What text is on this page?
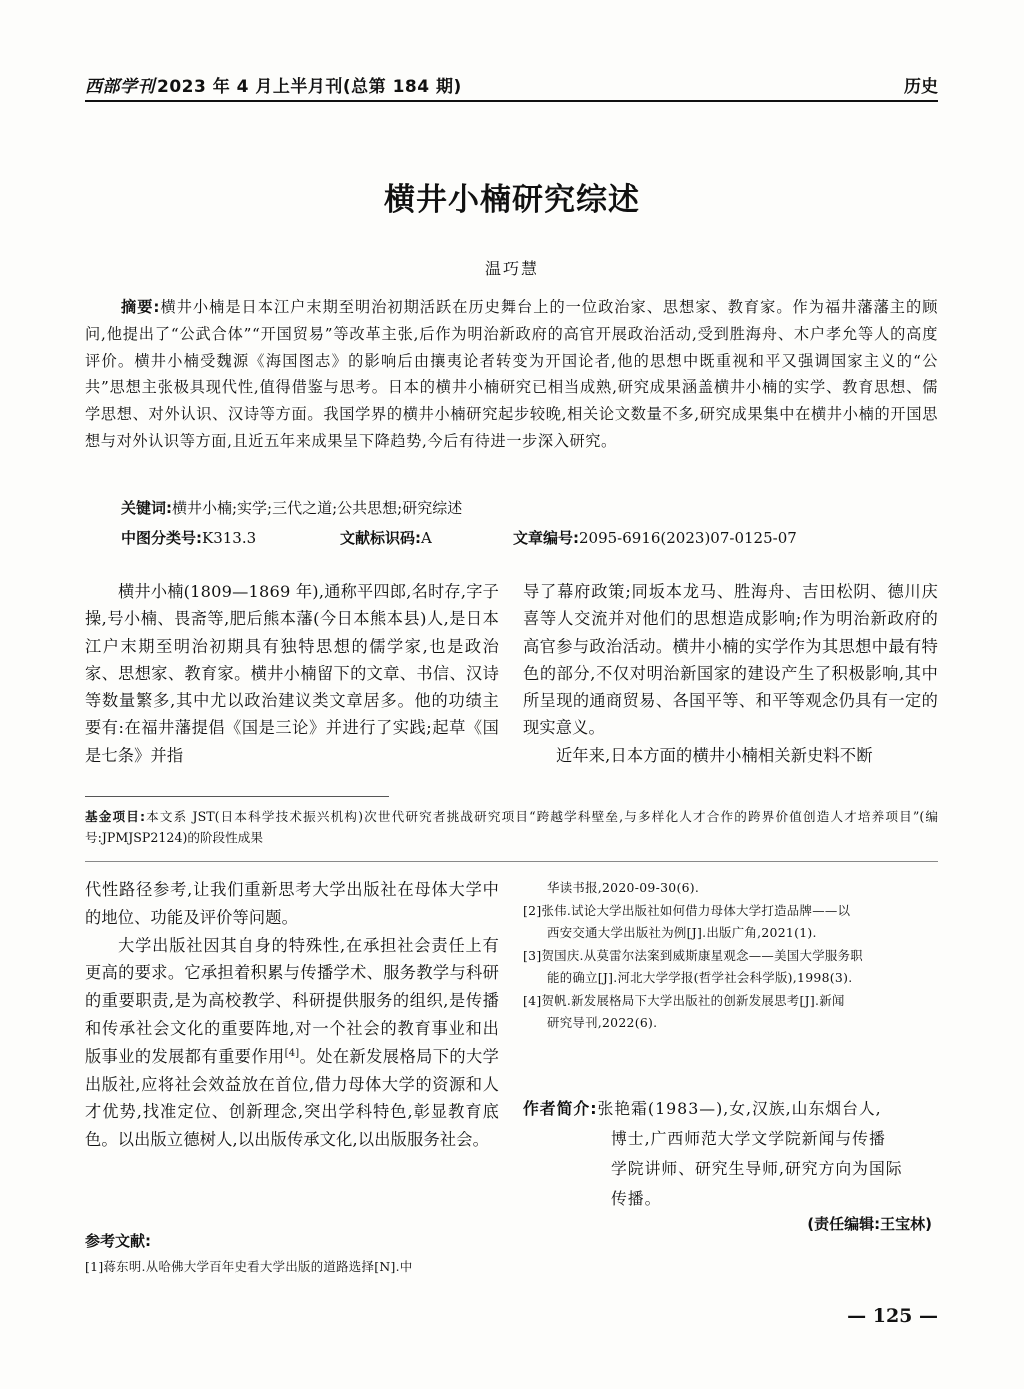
西部学刊 2023 年 4 月上半月刊(总第 184 期)	历史
横井小楠研究综述
温巧慧
摘要:横井小楠是日本江户末期至明治初期活跃在历史舞台上的一位政治家、思想家、教育家。作为福井藩藩主的顾问,他提出了“公武合体”“开国贸易”等改革主张,后作为明治新政府的高官开展政治活动,受到胜海舟、木户孝允等人的高度评价。横井小楠受魏源《海国图志》的影响后由攘夷论者转变为开国论者,他的思想中既重视和平又强调国家主义的“公共”思想主张极具现代性,值得借鉴与思考。日本的横井小楠研究已相当成熟,研究成果涵盖横井小楠的实学、教育思想、儒学思想、对外认识、汉诗等方面。我国学界的横井小楠研究起步较晚,相关论文数量不多,研究成果集中在横井小楠的开国思想与对外认识等方面,且近五年来成果呈下降趋势,今后有待进一步深入研究。
关键词:横井小楠;实学;三代之道;公共思想;研究综述
中图分类号:K313.3	文献标识码:A	文章编号:2095-6916(2023)07-0125-07

横井小楠(1809—1869 年),通称平四郎,名时存,字子操,号小楠、畏斋等,肥后熊本藩(今日本熊本县)人,是日本江户末期至明治初期具有独特思想的儒学家,也是政治家、思想家、教育家。横井小楠留下的文章、书信、汉诗等数量繁多,其中尤以政治建议类文章居多。他的功绩主要有:在福井藩提倡《国是三论》并进行了实践;起草《国是七条》并指

导了幕府政策;同坂本龙马、胜海舟、吉田松阴、德川庆喜等人交流并对他们的思想造成影响;作为明治新政府的高官参与政治活动。横井小楠的实学作为其思想中最有特色的部分,不仅对明治新国家的建设产生了积极影响,其中所呈现的通商贸易、各国平等、和平等观念仍具有一定的现实意义。

近年来,日本方面的横井小楠相关新史料不断

基金项目:本文系 JST(日本科学技术振兴机构)次世代研究者挑战研究项目“跨越学科壁垒,与多样化人才合作的跨界价值创造人才培养项目”(编号:JPMJSP2124)的阶段性成果

代性路径参考,让我们重新思考大学出版社在母体大学中的地位、功能及评价等问题。

大学出版社因其自身的特殊性,在承担社会责任上有更高的要求。它承担着积累与传播学术、服务教学与科研的重要职责,是为高校教学、科研提供服务的组织,是传播和传承社会文化的重要阵地,对一个社会的教育事业和出版事业的发展都有重要作用[4]。处在新发展格局下的大学出版社,应将社会效益放在首位,借力母体大学的资源和人才优势,找准定位、创新理念,突出学科特色,彰显教育底色。以出版立德树人,以出版传承文化,以出版服务社会。

参考文献:
[1]蒋东明.从哈佛大学百年史看大学出版的道路选择[N].中
华读书报,2020-09-30(6).
[2]张伟.试论大学出版社如何借力母体大学打造品牌——以
西安交通大学出版社为例[J].出版广角,2021(1).
[3]贺国庆.从莫雷尔法案到威斯康星观念——美国大学服务职
能的确立[J].河北大学学报(哲学社会科学版),1998(3).
[4]贺帆.新发展格局下大学出版社的创新发展思考[J].新闻
研究导刊,2022(6).
作者简介:张艳霜(1983—),女,汉族,山东烟台人,
博士,广西师范大学文学院新闻与传播
学院讲师、研究生导师,研究方向为国际
传播。
(责任编辑:王宝林)
— 125 —
